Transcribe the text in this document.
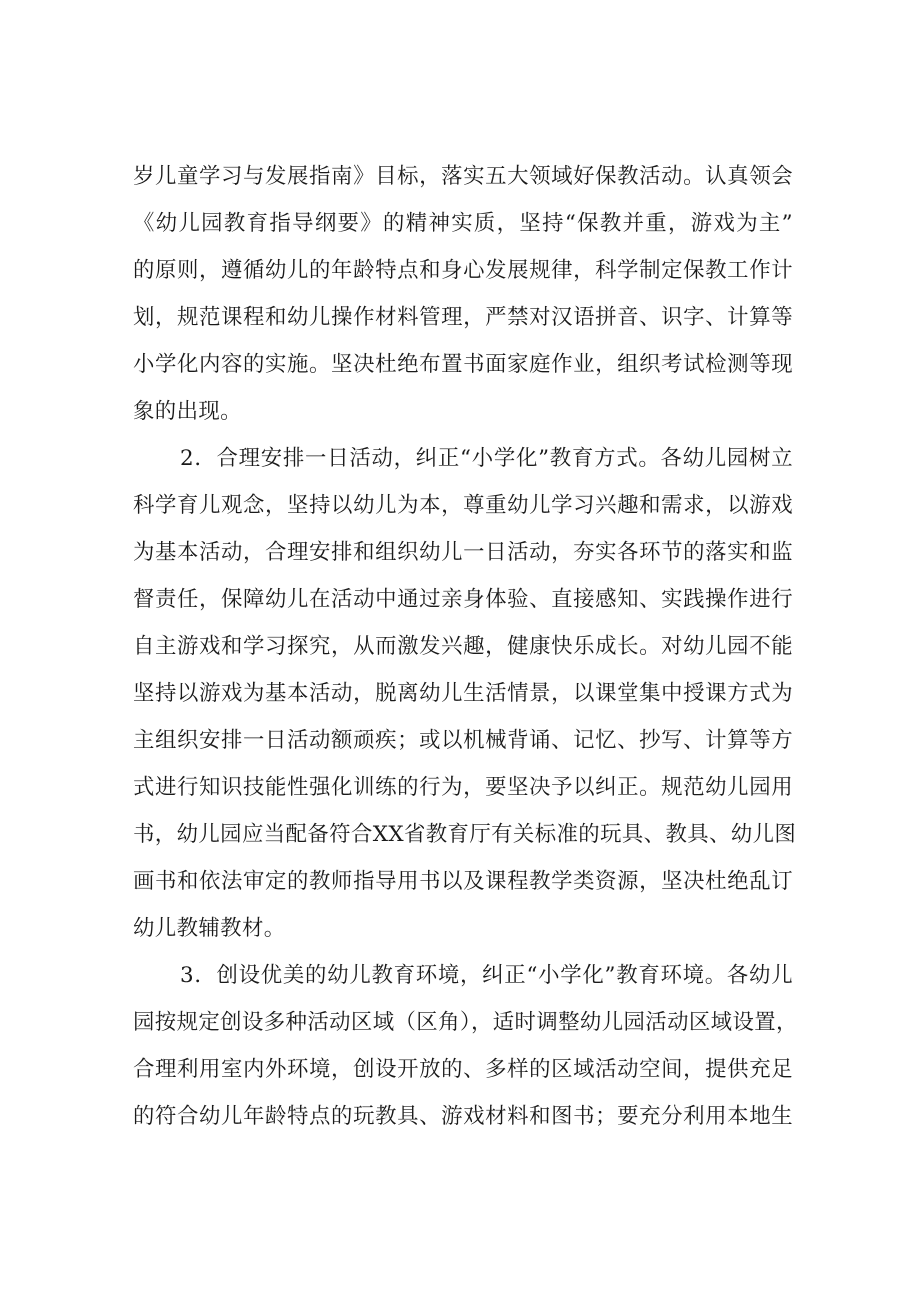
岁儿童学习与发展指南》目标，落实五大领域好保教活动。认真领会
《幼儿园教育指导纲要》的精神实质，坚持“保教并重，游戏为主”
的原则，遵循幼儿的年龄特点和身心发展规律，科学制定保教工作计
划，规范课程和幼儿操作材料管理，严禁对汉语拼音、识字、计算等
小学化内容的实施。坚决杜绝布置书面家庭作业，组织考试检测等现
象的出现。
2．合理安排一日活动，纠正“小学化”教育方式。各幼儿园树立
科学育儿观念，坚持以幼儿为本，尊重幼儿学习兴趣和需求，以游戏
为基本活动，合理安排和组织幼儿一日活动，夯实各环节的落实和监
督责任，保障幼儿在活动中通过亲身体验、直接感知、实践操作进行
自主游戏和学习探究，从而激发兴趣，健康快乐成长。对幼儿园不能
坚持以游戏为基本活动，脱离幼儿生活情景，以课堂集中授课方式为
主组织安排一日活动额顽疾；或以机械背诵、记忆、抄写、计算等方
式进行知识技能性强化训练的行为，要坚决予以纠正。规范幼儿园用
书，幼儿园应当配备符合XX省教育厅有关标准的玩具、教具、幼儿图
画书和依法审定的教师指导用书以及课程教学类资源，坚决杜绝乱订
幼儿教辅教材。
3．创设优美的幼儿教育环境，纠正“小学化”教育环境。各幼儿
园按规定创设多种活动区域（区角），适时调整幼儿园活动区域设置，
合理利用室内外环境，创设开放的、多样的区域活动空间，提供充足
的符合幼儿年龄特点的玩教具、游戏材料和图书；要充分利用本地生
